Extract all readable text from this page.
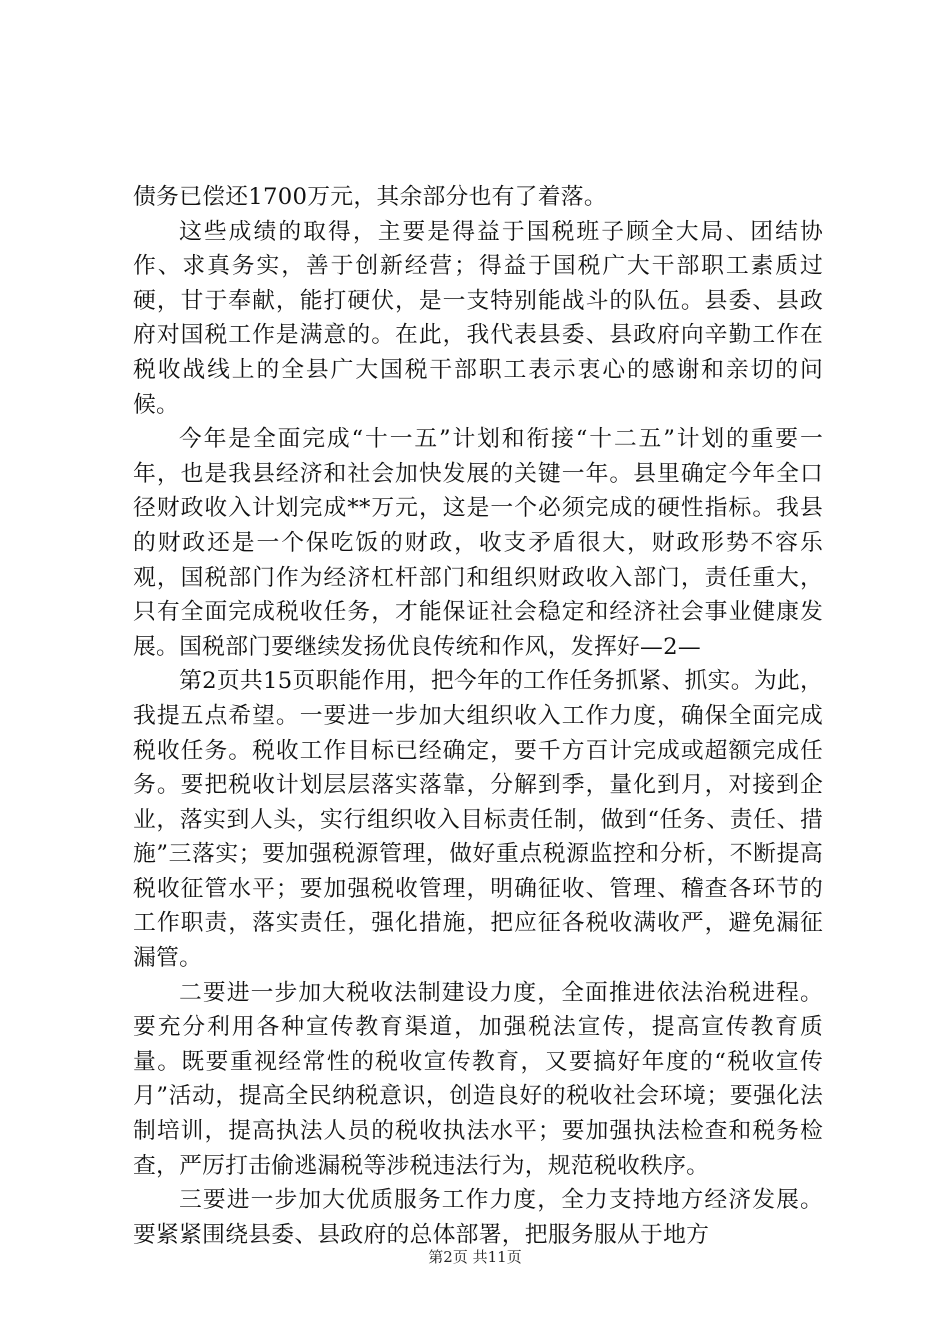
债务已偿还1700万元，其余部分也有了着落。

这些成绩的取得，主要是得益于国税班子顾全大局、团结协作、求真务实，善于创新经营；得益于国税广大干部职工素质过硬，甘于奉献，能打硬伏，是一支特别能战斗的队伍。县委、县政府对国税工作是满意的。在此，我代表县委、县政府向辛勤工作在税收战线上的全县广大国税干部职工表示衷心的感谢和亲切的问候。

今年是全面完成“十一五”计划和衔接“十二五”计划的重要一年，也是我县经济和社会加快发展的关键一年。县里确定今年全口径财政收入计划完成**万元，这是一个必须完成的硬性指标。我县的财政还是一个保吃饭的财政，收支矛盾很大，财政形势不容乐观，国税部门作为经济杠杆部门和组织财政收入部门，责任重大，只有全面完成税收任务，才能保证社会稳定和经济社会事业健康发展。国税部门要继续发扬优良传统和作风，发挥好—2—

第2页共15页职能作用，把今年的工作任务抓紧、抓实。为此，我提五点希望。一要进一步加大组织收入工作力度，确保全面完成税收任务。税收工作目标已经确定，要千方百计完成或超额完成任务。要把税收计划层层落实落靠，分解到季，量化到月，对接到企业，落实到人头，实行组织收入目标责任制，做到“任务、责任、措施”三落实；要加强税源管理，做好重点税源监控和分析，不断提高税收征管水平；要加强税收管理，明确征收、管理、稽查各环节的工作职责，落实责任，强化措施，把应征各税收满收严，避免漏征漏管。

二要进一步加大税收法制建设力度，全面推进依法治税进程。要充分利用各种宣传教育渠道，加强税法宣传，提高宣传教育质量。既要重视经常性的税收宣传教育，又要搞好年度的“税收宣传月”活动，提高全民纳税意识，创造良好的税收社会环境；要强化法制培训，提高执法人员的税收执法水平；要加强执法检查和税务检查，严厉打击偷逃漏税等涉税违法行为，规范税收秩序。

三要进一步加大优质服务工作力度，全力支持地方经济发展。要紧紧围绕县委、县政府的总体部署，把服务服从于地方

第2页 共11页
